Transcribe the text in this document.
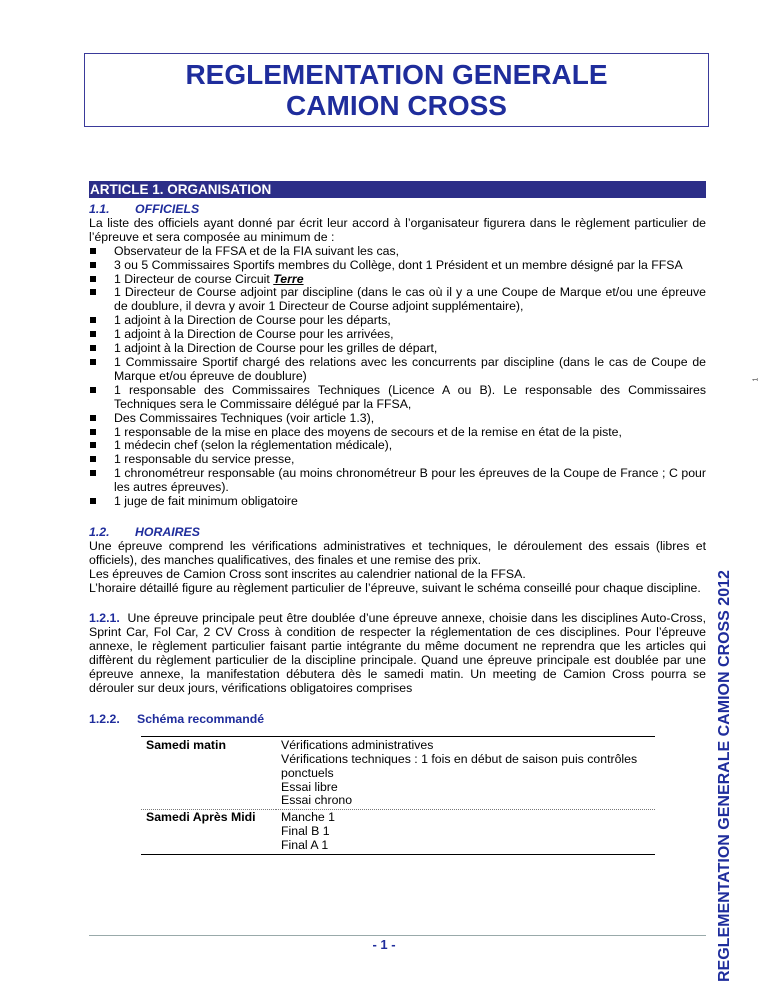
REGLEMENTATION GENERALE
CAMION CROSS
ARTICLE 1. ORGANISATION

1.1. OFFICIELS

La liste des officiels ayant donné par écrit leur accord à l’organisateur figurera dans le règlement particulier de l’épreuve et sera composée au minimum de :

Observateur de la FFSA et de la FIA suivant les cas,
3 ou 5 Commissaires Sportifs membres du Collège, dont 1 Président et un membre désigné par la FFSA
1 Directeur de course Circuit Terre
1 Directeur de Course adjoint par discipline (dans le cas où il y a une Coupe de Marque et/ou une épreuve de doublure, il devra y avoir 1 Directeur de Course adjoint supplémentaire),
1 adjoint à la Direction de Course pour les départs,
1 adjoint à la Direction de Course pour les arrivées,
1 adjoint à la Direction de Course pour les grilles de départ,
1 Commissaire Sportif chargé des relations avec les concurrents par discipline (dans le cas de Coupe de Marque et/ou épreuve de doublure)
1 responsable des Commissaires Techniques (Licence A ou B). Le responsable des Commissaires Techniques sera le Commissaire délégué par la FFSA,
Des Commissaires Techniques (voir article 1.3),
1 responsable de la mise en place des moyens de secours et de la remise en état de la piste,
1 médecin chef (selon la réglementation médicale),
1 responsable du service presse,
1 chronométreur responsable (au moins chronométreur B pour les épreuves de la Coupe de France ; C pour les autres épreuves).
1 juge de fait minimum obligatoire

1.2. HORAIRES

Une épreuve comprend les vérifications administratives et techniques, le déroulement des essais (libres et officiels), des manches qualificatives, des finales et une remise des prix.

Les épreuves de Camion Cross sont inscrites au calendrier national de la FFSA.

L’horaire détaillé figure au règlement particulier de l’épreuve, suivant le schéma conseillé pour chaque discipline.

1.2.1. Une épreuve principale peut être doublée d’une épreuve annexe, choisie dans les disciplines Auto-Cross, Sprint Car, Fol Car, 2 CV Cross à condition de respecter la réglementation de ces disciplines. Pour l’épreuve annexe, le règlement particulier faisant partie intégrante du même document ne reprendra que les articles qui diffèrent du règlement particulier de la discipline principale. Quand une épreuve principale est doublée par une épreuve annexe, la manifestation débutera dès le samedi matin. Un meeting de Camion Cross pourra se dérouler sur deux jours, vérifications obligatoires comprises

1.2.2. Schéma recommandé

Samedi matin	Vérifications administratives
Vérifications techniques : 1 fois en début de saison puis contrôles ponctuels
Essai libre
Essai chrono

Samedi Après Midi	Manche 1
Final B 1
Final A 1
1
REGLEMENTATION GENERALE CAMION CROSS 2012
- 1 -
